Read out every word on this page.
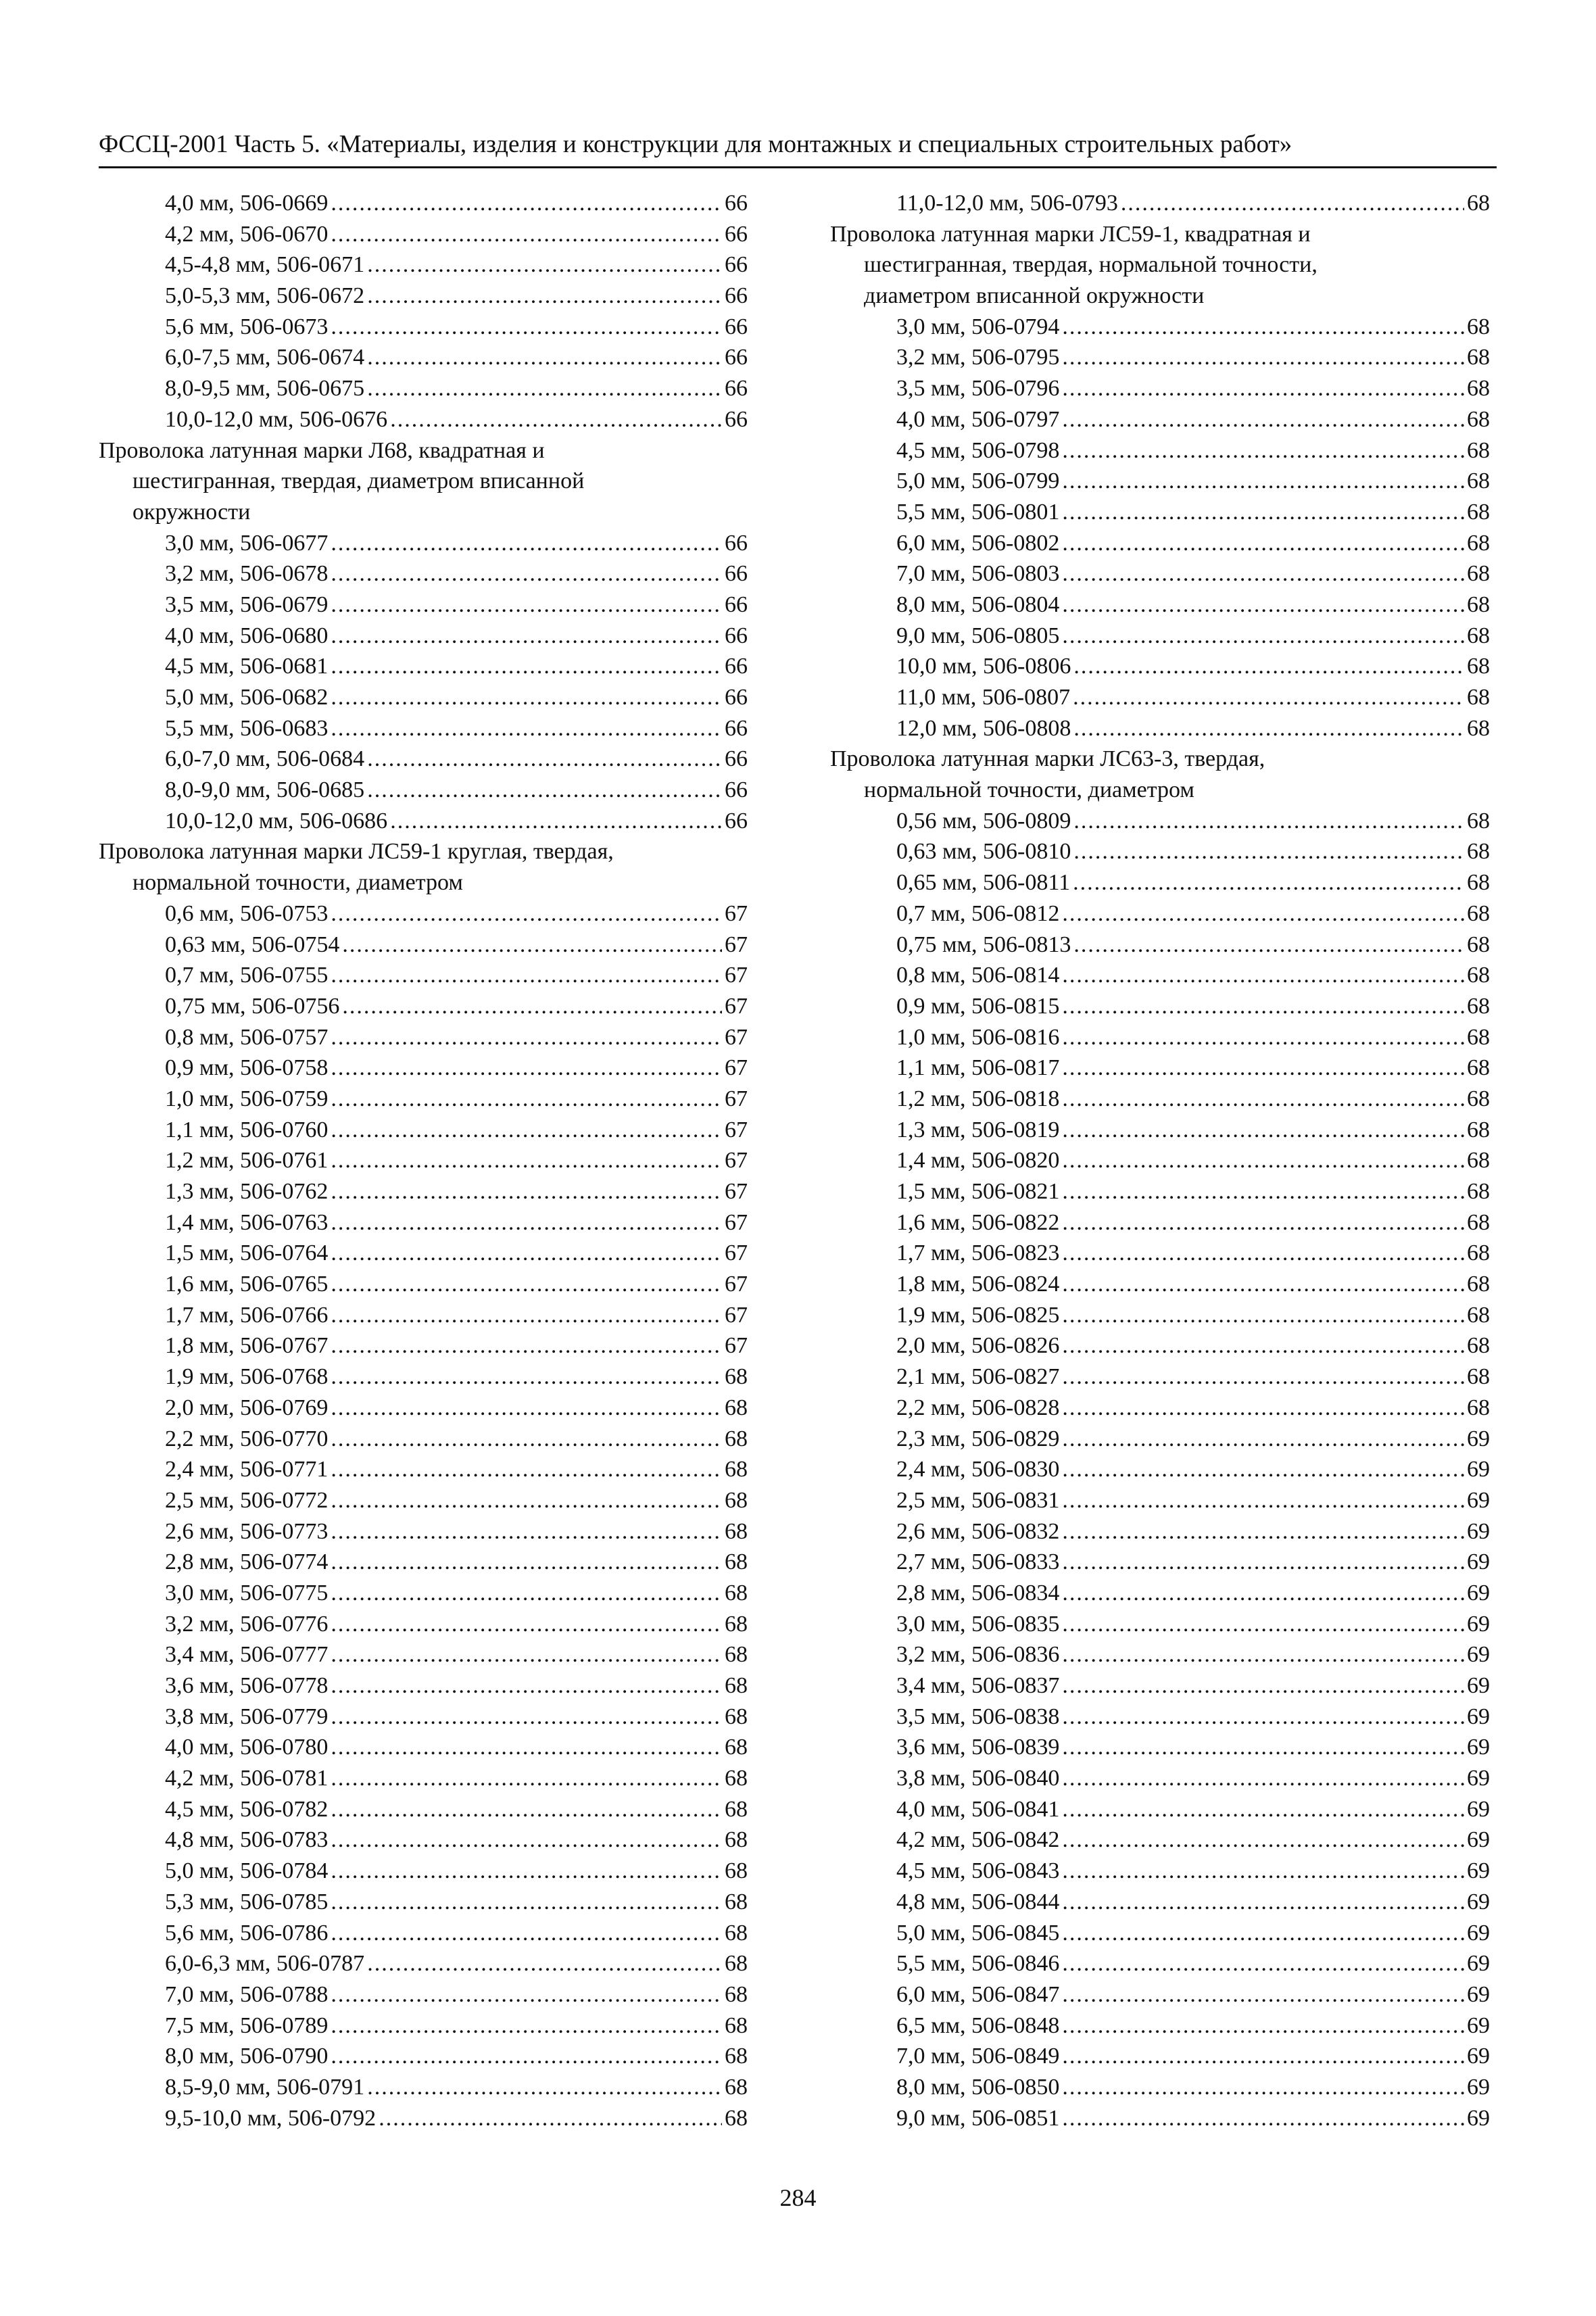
ФССЦ-2001 Часть 5. «Материалы, изделия и конструкции для монтажных и специальных строительных работ»
4,0 мм, 506-0669 .....	66
4,2 мм, 506-0670 .....	66
4,5-4,8 мм, 506-0671 .....	66
5,0-5,3 мм, 506-0672 .....	66
5,6 мм, 506-0673 .....	66
6,0-7,5 мм, 506-0674 .....	66
8,0-9,5 мм, 506-0675 .....	66
10,0-12,0 мм, 506-0676 .....	66
Проволока латунная марки Л68, квадратная и
шестигранная, твердая, диаметром вписанной
окружности
3,0 мм, 506-0677 .....	66
3,2 мм, 506-0678 .....	66
3,5 мм, 506-0679 .....	66
4,0 мм, 506-0680 .....	66
4,5 мм, 506-0681 .....	66
5,0 мм, 506-0682 .....	66
5,5 мм, 506-0683 .....	66
6,0-7,0 мм, 506-0684 .....	66
8,0-9,0 мм, 506-0685 .....	66
10,0-12,0 мм, 506-0686 .....	66
Проволока латунная марки ЛС59-1 круглая, твердая,
нормальной точности, диаметром
0,6 мм, 506-0753 .....	67
0,63 мм, 506-0754 .....	67
0,7 мм, 506-0755 .....	67
0,75 мм, 506-0756 .....	67
0,8 мм, 506-0757 .....	67
0,9 мм, 506-0758 .....	67
1,0 мм, 506-0759 .....	67
1,1 мм, 506-0760 .....	67
1,2 мм, 506-0761 .....	67
1,3 мм, 506-0762 .....	67
1,4 мм, 506-0763 .....	67
1,5 мм, 506-0764 .....	67
1,6 мм, 506-0765 .....	67
1,7 мм, 506-0766 .....	67
1,8 мм, 506-0767 .....	67
1,9 мм, 506-0768 .....	68
2,0 мм, 506-0769 .....	68
2,2 мм, 506-0770 .....	68
2,4 мм, 506-0771 .....	68
2,5 мм, 506-0772 .....	68
2,6 мм, 506-0773 .....	68
2,8 мм, 506-0774 .....	68
3,0 мм, 506-0775 .....	68
3,2 мм, 506-0776 .....	68
3,4 мм, 506-0777 .....	68
3,6 мм, 506-0778 .....	68
3,8 мм, 506-0779 .....	68
4,0 мм, 506-0780 .....	68
4,2 мм, 506-0781 .....	68
4,5 мм, 506-0782 .....	68
4,8 мм, 506-0783 .....	68
5,0 мм, 506-0784 .....	68
5,3 мм, 506-0785 .....	68
5,6 мм, 506-0786 .....	68
6,0-6,3 мм, 506-0787 .....	68
7,0 мм, 506-0788 .....	68
7,5 мм, 506-0789 .....	68
8,0 мм, 506-0790 .....	68
8,5-9,0 мм, 506-0791 .....	68
9,5-10,0 мм, 506-0792 .....	68
11,0-12,0 мм, 506-0793 .....	68
Проволока латунная марки ЛС59-1, квадратная и
шестигранная, твердая, нормальной точности,
диаметром вписанной окружности
3,0 мм, 506-0794 .....	68
3,2 мм, 506-0795 .....	68
3,5 мм, 506-0796 .....	68
4,0 мм, 506-0797 .....	68
4,5 мм, 506-0798 .....	68
5,0 мм, 506-0799 .....	68
5,5 мм, 506-0801 .....	68
6,0 мм, 506-0802 .....	68
7,0 мм, 506-0803 .....	68
8,0 мм, 506-0804 .....	68
9,0 мм, 506-0805 .....	68
10,0 мм, 506-0806 .....	68
11,0 мм, 506-0807 .....	68
12,0 мм, 506-0808 .....	68
Проволока латунная марки ЛС63-3, твердая,
нормальной точности, диаметром
0,56 мм, 506-0809 .....	68
0,63 мм, 506-0810 .....	68
0,65 мм, 506-0811 .....	68
0,7 мм, 506-0812 .....	68
0,75 мм, 506-0813 .....	68
0,8 мм, 506-0814 .....	68
0,9 мм, 506-0815 .....	68
1,0 мм, 506-0816 .....	68
1,1 мм, 506-0817 .....	68
1,2 мм, 506-0818 .....	68
1,3 мм, 506-0819 .....	68
1,4 мм, 506-0820 .....	68
1,5 мм, 506-0821 .....	68
1,6 мм, 506-0822 .....	68
1,7 мм, 506-0823 .....	68
1,8 мм, 506-0824 .....	68
1,9 мм, 506-0825 .....	68
2,0 мм, 506-0826 .....	68
2,1 мм, 506-0827 .....	68
2,2 мм, 506-0828 .....	68
2,3 мм, 506-0829 .....	69
2,4 мм, 506-0830 .....	69
2,5 мм, 506-0831 .....	69
2,6 мм, 506-0832 .....	69
2,7 мм, 506-0833 .....	69
2,8 мм, 506-0834 .....	69
3,0 мм, 506-0835 .....	69
3,2 мм, 506-0836 .....	69
3,4 мм, 506-0837 .....	69
3,5 мм, 506-0838 .....	69
3,6 мм, 506-0839 .....	69
3,8 мм, 506-0840 .....	69
4,0 мм, 506-0841 .....	69
4,2 мм, 506-0842 .....	69
4,5 мм, 506-0843 .....	69
4,8 мм, 506-0844 .....	69
5,0 мм, 506-0845 .....	69
5,5 мм, 506-0846 .....	69
6,0 мм, 506-0847 .....	69
6,5 мм, 506-0848 .....	69
7,0 мм, 506-0849 .....	69
8,0 мм, 506-0850 .....	69
9,0 мм, 506-0851 .....	69
284
